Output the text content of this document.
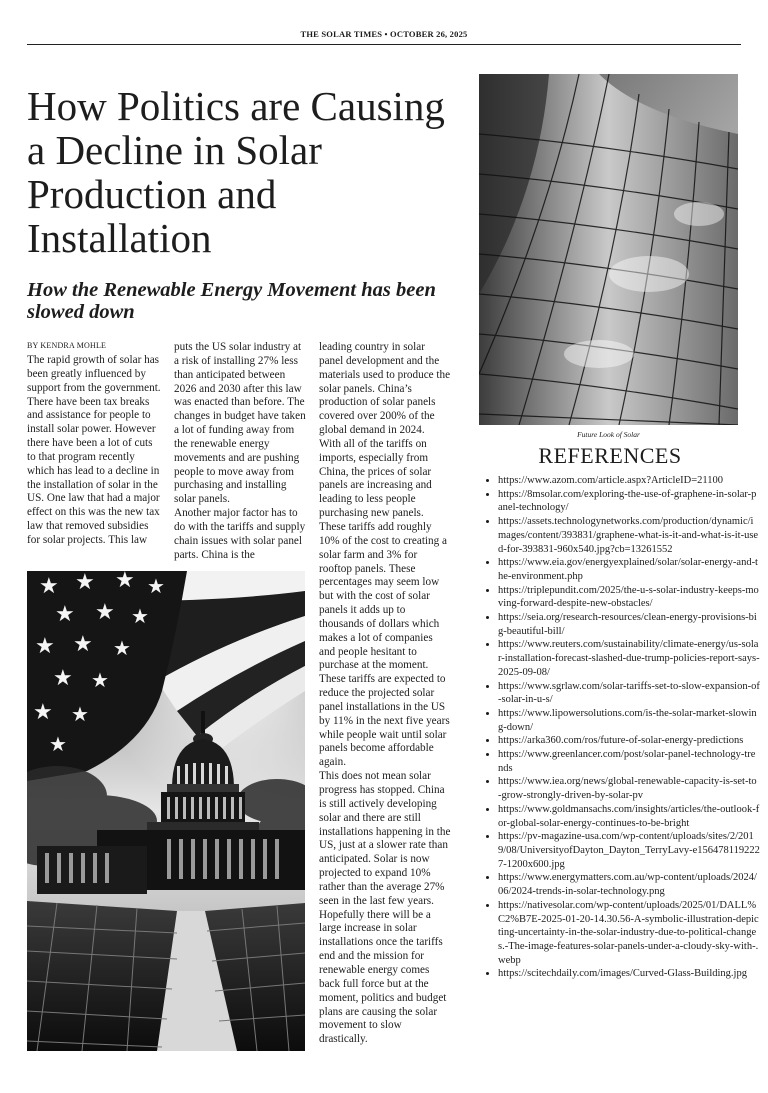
THE SOLAR TIMES • OCTOBER 26, 2025
How Politics are Causing a Decline in Solar Production and Installation
How the Renewable Energy Movement has been slowed down
BY KENDRA MOHLE

The rapid growth of solar has been greatly influenced by support from the government. There have been tax breaks and assistance for people to install solar power. However there have been a lot of cuts to that program recently which has lead to a decline in the installation of solar in the US. One law that had a major effect on this was the new tax law that removed subsidies for solar projects. This law

puts the US solar industry at a risk of installing 27% less than anticipated between 2026 and 2030 after this law was enacted than before. The changes in budget have taken a lot of funding away from the renewable energy movements and are pushing people to move away from purchasing and installing solar panels.

Another major factor has to do with the tariffs and supply chain issues with solar panel parts. China is the

leading country in solar panel development and the materials used to produce the solar panels. China’s production of solar panels covered over 200% of the global demand in 2024.

With all of the tariffs on imports, especially from China, the prices of solar panels are increasing and leading to less people purchasing new panels. These tariffs add roughly 10% of the cost to creating a solar farm and 3% for rooftop panels. These percentages may seem low but with the cost of solar panels it adds up to thousands of dollars which makes a lot of companies and people hesitant to purchase at the moment. These tariffs are expected to reduce the projected solar panel installations in the US by 11% in the next five years while people wait until solar panels become affordable again.

This does not mean solar progress has stopped. China is still actively developing solar and there are still installations happening in the US, just at a slower rate than anticipated. Solar is now projected to expand 10% rather than the average 27% seen in the last few years. Hopefully there will be a large increase in solar installations once the tariffs end and the mission for renewable energy comes back full force but at the moment, politics and budget plans are causing the solar movement to slow drastically.

★ ★ ★ ★
★ ★ ★
★ ★ ★
★ ★
★ ★
★
Future Look of Solar
REFERENCES
• https://www.azom.com/article.aspx?ArticleID=21100
• https://8msolar.com/exploring-the-use-of-graphene-in-solar-panel-technology/
• https://assets.technologynetworks.com/production/dynamic/images/content/393831/graphene-what-is-it-and-what-is-it-used-for-393831-960x540.jpg?cb=13261552
• https://www.eia.gov/energyexplained/solar/solar-energy-and-the-environment.php
• https://triplepundit.com/2025/the-u-s-solar-industry-keeps-moving-forward-despite-new-obstacles/
• https://seia.org/research-resources/clean-energy-provisions-big-beautiful-bill/
• https://www.reuters.com/sustainability/climate-energy/us-solar-installation-forecast-slashed-due-trump-policies-report-says-2025-09-08/
• https://www.sgrlaw.com/solar-tariffs-set-to-slow-expansion-of-solar-in-u-s/
• https://www.lipowersolutions.com/is-the-solar-market-slowing-down/
• https://arka360.com/ros/future-of-solar-energy-predictions
• https://www.greenlancer.com/post/solar-panel-technology-trends
• https://www.iea.org/news/global-renewable-capacity-is-set-to-grow-strongly-driven-by-solar-pv
• https://www.goldmansachs.com/insights/articles/the-outlook-for-global-solar-energy-continues-to-be-bright
• https://pv-magazine-usa.com/wp-content/uploads/sites/2/2019/08/UniversityofDayton_Dayton_TerryLavy-e1564781192227-1200x600.jpg
• https://www.energymatters.com.au/wp-content/uploads/2024/06/2024-trends-in-solar-technology.png
• https://nativesolar.com/wp-content/uploads/2025/01/DALL%C2%B7E-2025-01-20-14.30.56-A-symbolic-illustration-depicting-uncertainty-in-the-solar-industry-due-to-political-changes.-The-image-features-solar-panels-under-a-cloudy-sky-with-.webp
• https://scitechdaily.com/images/Curved-Glass-Building.jpg
